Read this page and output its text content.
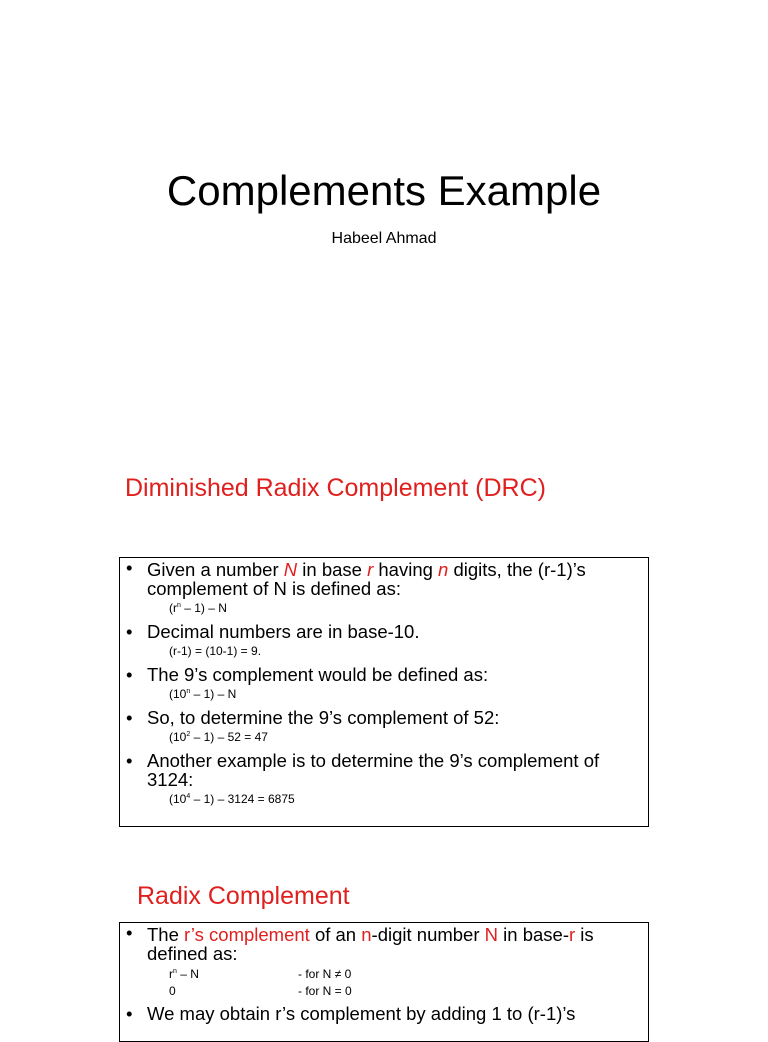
Complements Example
Habeel Ahmad
Diminished Radix Complement (DRC)
• Given a number N in base r having n digits, the (r-1)’s complement of N is defined as:
$(r^n - 1)$ – N
• Decimal numbers are in base-10.
(r-1) = (10-1) = 9.
• The 9’s complement would be defined as:
(10$^n$ – 1) – N
• So, to determine the 9’s complement of 52:
$(10^2 - 1) - 52 = 47$
• Another example is to determine the 9’s complement of 3124:
$(10^4 - 1) - 3124 = 6875$
Radix Complement
• The r’s complement of an n-digit number N in base-r is defined as:
$r^n$ – N	- for N ≠ 0
0	- for N = 0
• We may obtain r’s complement by adding 1 to (r-1)’s
